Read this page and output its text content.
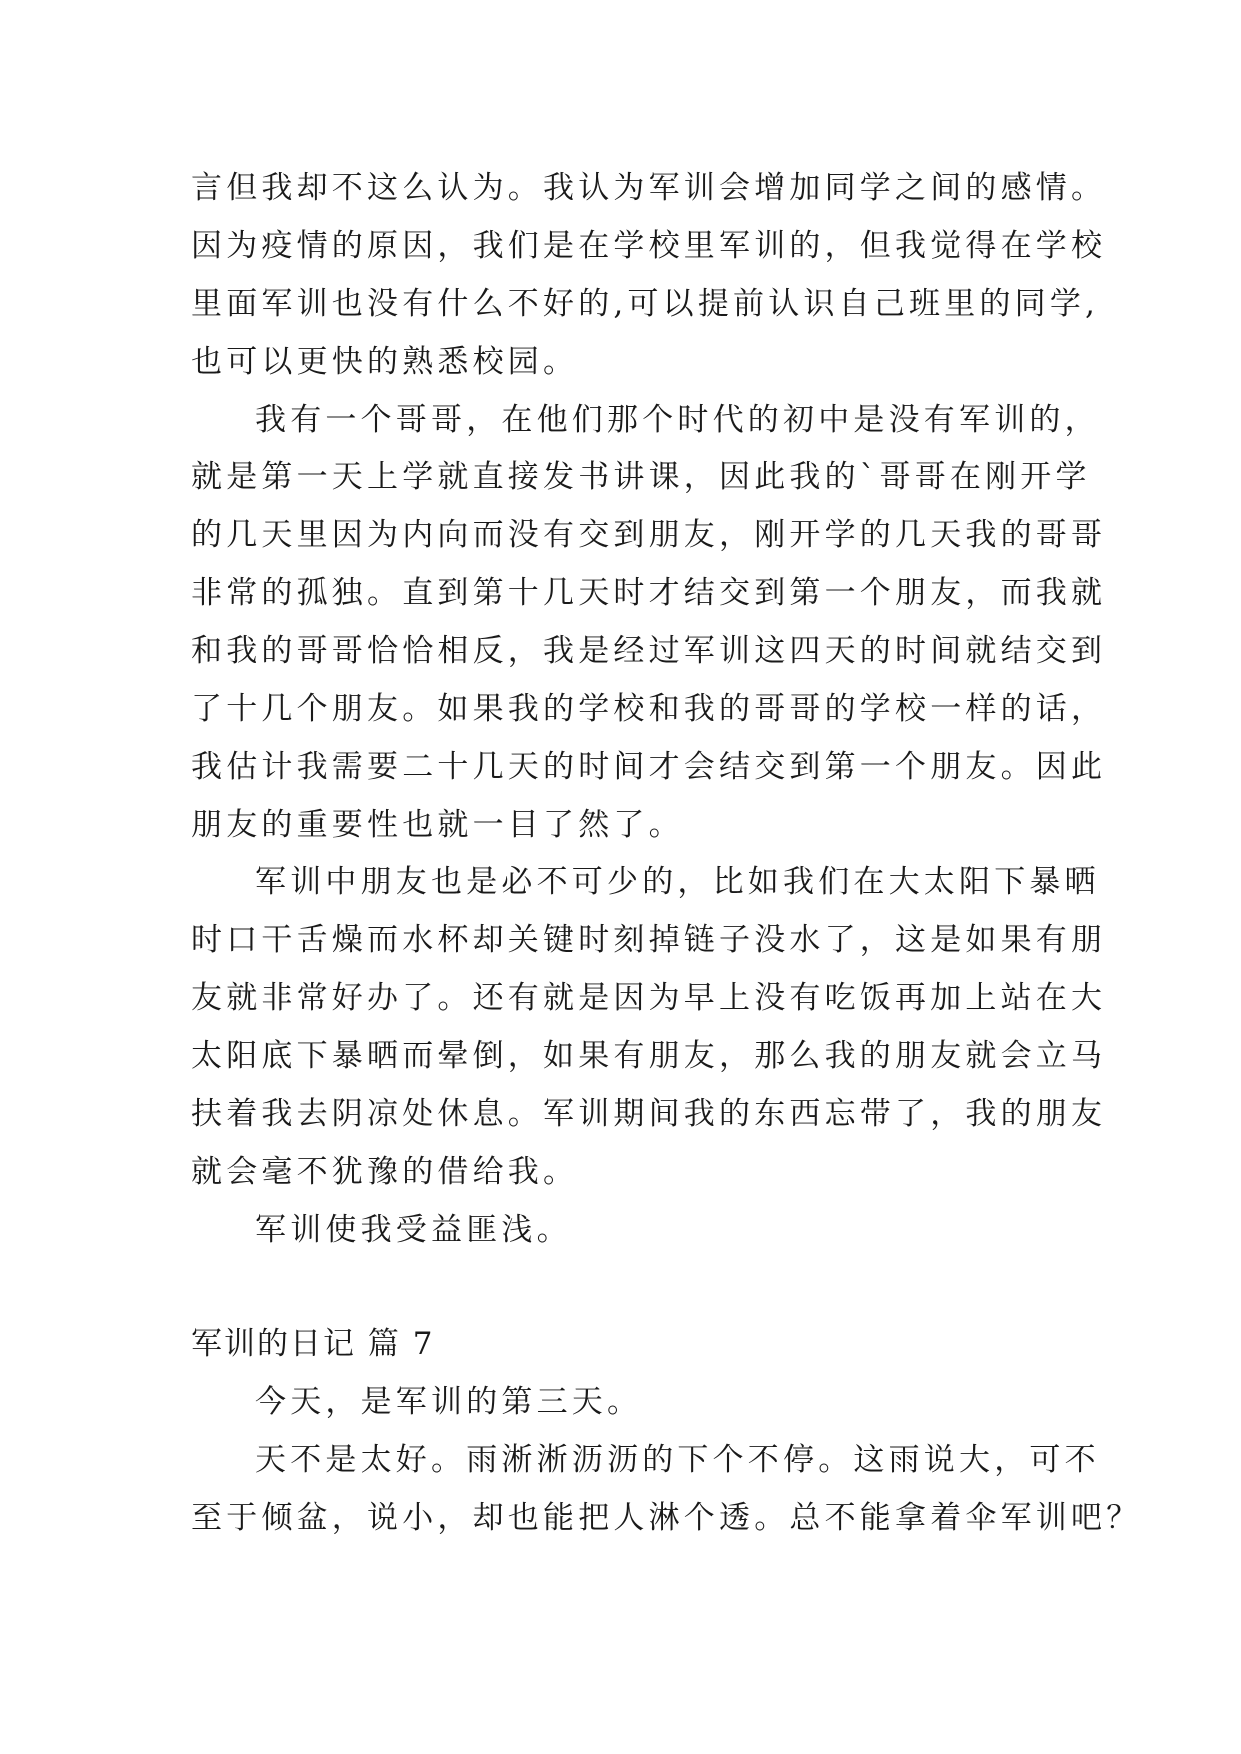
言但我却不这么认为。我认为军训会增加同学之间的感情。
因为疫情的原因，我们是在学校里军训的，但我觉得在学校
里面军训也没有什么不好的,可以提前认识自己班里的同学,
也可以更快的熟悉校园。
我有一个哥哥，在他们那个时代的初中是没有军训的，
就是第一天上学就直接发书讲课，因此我的`哥哥在刚开学
的几天里因为内向而没有交到朋友，刚开学的几天我的哥哥
非常的孤独。直到第十几天时才结交到第一个朋友，而我就
和我的哥哥恰恰相反，我是经过军训这四天的时间就结交到
了十几个朋友。如果我的学校和我的哥哥的学校一样的话，
我估计我需要二十几天的时间才会结交到第一个朋友。因此
朋友的重要性也就一目了然了。
军训中朋友也是必不可少的，比如我们在大太阳下暴晒
时口干舌燥而水杯却关键时刻掉链子没水了，这是如果有朋
友就非常好办了。还有就是因为早上没有吃饭再加上站在大
太阳底下暴晒而晕倒，如果有朋友，那么我的朋友就会立马
扶着我去阴凉处休息。军训期间我的东西忘带了，我的朋友
就会毫不犹豫的借给我。
军训使我受益匪浅。
军训的日记 篇 7
今天，是军训的第三天。
天不是太好。雨淅淅沥沥的下个不停。这雨说大，可不
至于倾盆，说小，却也能把人淋个透。总不能拿着伞军训吧？
